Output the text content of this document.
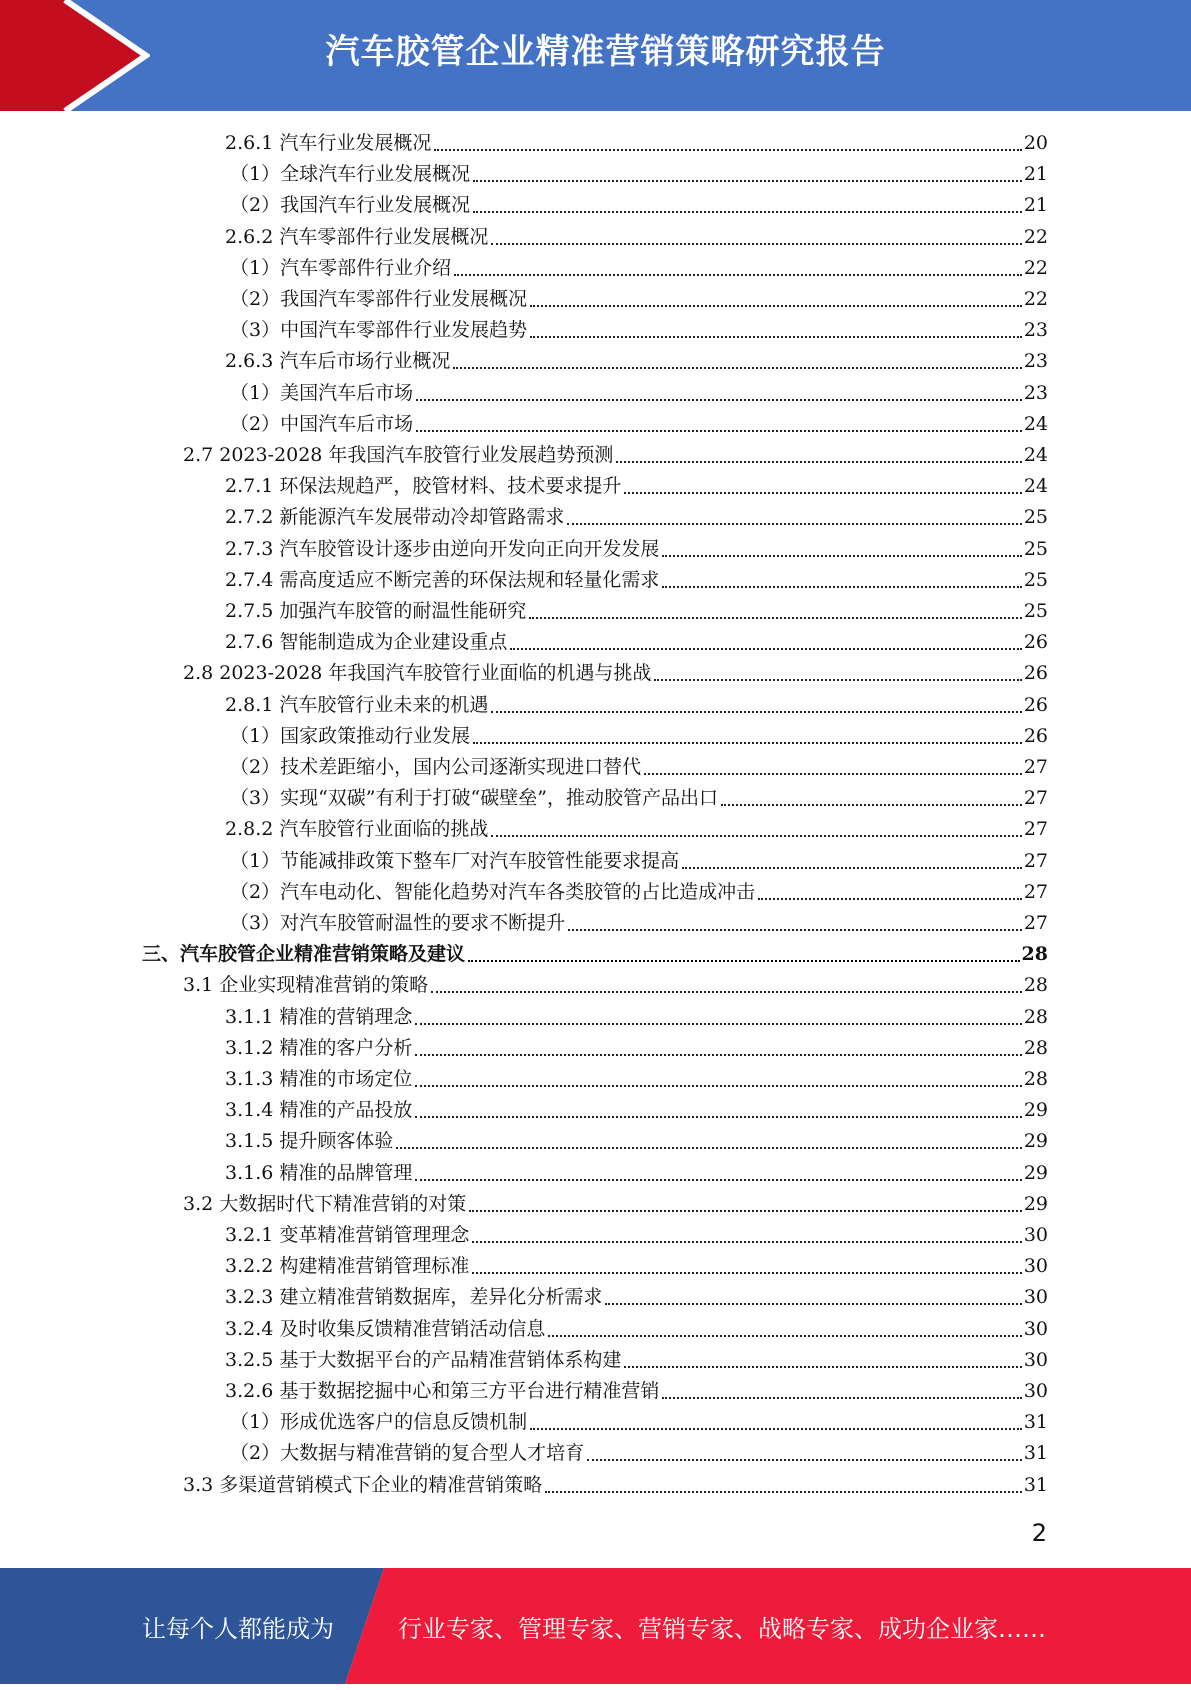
汽车胶管企业精准营销策略研究报告
2.6.1 汽车行业发展概况	20
（1）全球汽车行业发展概况	21
（2）我国汽车行业发展概况	21
2.6.2 汽车零部件行业发展概况	22
（1）汽车零部件行业介绍	22
（2）我国汽车零部件行业发展概况	22
（3）中国汽车零部件行业发展趋势	23
2.6.3 汽车后市场行业概况	23
（1）美国汽车后市场	23
（2）中国汽车后市场	24
2.7 2023-2028 年我国汽车胶管行业发展趋势预测	24
2.7.1 环保法规趋严，胶管材料、技术要求提升	24
2.7.2 新能源汽车发展带动冷却管路需求	25
2.7.3 汽车胶管设计逐步由逆向开发向正向开发发展	25
2.7.4 需高度适应不断完善的环保法规和轻量化需求	25
2.7.5 加强汽车胶管的耐温性能研究	25
2.7.6 智能制造成为企业建设重点	26
2.8 2023-2028 年我国汽车胶管行业面临的机遇与挑战	26
2.8.1 汽车胶管行业未来的机遇	26
（1）国家政策推动行业发展	26
（2）技术差距缩小，国内公司逐渐实现进口替代	27
（3）实现“双碳”有利于打破“碳壁垒”，推动胶管产品出口	27
2.8.2 汽车胶管行业面临的挑战	27
（1）节能减排政策下整车厂对汽车胶管性能要求提高	27
（2）汽车电动化、智能化趋势对汽车各类胶管的占比造成冲击	27
（3）对汽车胶管耐温性的要求不断提升	27
三、汽车胶管企业精准营销策略及建议	28
3.1 企业实现精准营销的策略	28
3.1.1 精准的营销理念	28
3.1.2 精准的客户分析	28
3.1.3 精准的市场定位	28
3.1.4 精准的产品投放	29
3.1.5 提升顾客体验	29
3.1.6 精准的品牌管理	29
3.2 大数据时代下精准营销的对策	29
3.2.1 变革精准营销管理理念	30
3.2.2 构建精准营销管理标准	30
3.2.3 建立精准营销数据库，差异化分析需求	30
3.2.4 及时收集反馈精准营销活动信息	30
3.2.5 基于大数据平台的产品精准营销体系构建	30
3.2.6 基于数据挖掘中心和第三方平台进行精准营销	30
（1）形成优选客户的信息反馈机制	31
（2）大数据与精准营销的复合型人才培育	31
3.3 多渠道营销模式下企业的精准营销策略	31
2
让每个人都能成为	行业专家、管理专家、营销专家、战略专家、成功企业家……
